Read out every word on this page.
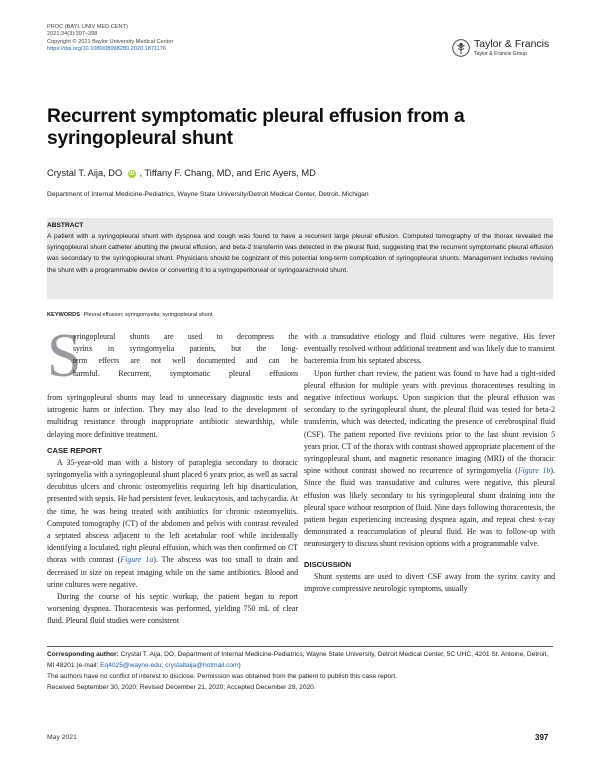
PROC (BAYL UNIV MED CENT)
2021;34(3):397–398
Copyright © 2021 Baylor University Medical Center
https://doi.org/10.1080/08998280.2020.1871176	Taylor & Francis
Taylor & Francis Group
Recurrent symptomatic pleural effusion from a syringopleural shunt
Crystal T. Aija, DO iD , Tiffany F. Chang, MD, and Eric Ayers, MD
Department of Internal Medicine-Pediatrics, Wayne State University/Detroit Medical Center, Detroit, Michigan
ABSTRACT
A patient with a syringopleural shunt with dyspnea and cough was found to have a recurrent large pleural effusion. Computed tomography of the thorax revealed the syringopleural shunt catheter abutting the pleural effusion, and beta-2 transferrin was detected in the pleural fluid, suggesting that the recurrent symptomatic pleural effusion was secondary to the syringopleural shunt. Physicians should be cognizant of this potential long-term complication of syringopleural shunts. Management includes revising the shunt with a programmable device or converting it to a syringoperitoneal or syringoarachnoid shunt.
KEYWORDS Pleural effusion; syringomyelia; syringopleural shunt

S
yringopleural shunts are used to decompress the
syrinx in syringomyelia patients, but the long-
term effects are not well documented and can be
harmful. Recurrent, symptomatic pleural effusions

from syringopleural shunts may lead to unnecessary diagnostic tests and iatrogenic harm or infection. They may also lead to the development of multidrug resistance through inappropriate antibiotic stewardship, while delaying more definitive treatment.

CASE REPORT

A 35-year-old man with a history of paraplegia secondary to thoracic syringomyelia with a syringopleural shunt placed 6 years prior, as well as sacral decubitus ulcers and chronic osteomyelitis requiring left hip disarticulation, presented with sepsis. He had persistent fever, leukocytosis, and tachycardia. At the time, he was being treated with antibiotics for chronic osteomyelitis. Computed tomography (CT) of the abdomen and pelvis with contrast revealed a septated abscess adjacent to the left acetabular roof while incidentally identifying a loculated, right pleural effusion, which was then confirmed on CT thorax with contrast (Figure 1a). The abscess was too small to drain and decreased in size on repeat imaging while on the same antibiotics. Blood and urine cultures were negative.

During the course of his septic workup, the patient began to report worsening dyspnea. Thoracentesis was performed, yielding 750 mL of clear fluid. Pleural fluid studies were consistent

with a transudative etiology and fluid cultures were negative. His fever eventually resolved without additional treatment and was likely due to transient bacteremia from his septated abscess.

Upon further chart review, the patient was found to have had a right-sided pleural effusion for multiple years with previous thoracenteses resulting in negative infectious workups. Upon suspicion that the pleural effusion was secondary to the syringopleural shunt, the pleural fluid was tested for beta-2 transferrin, which was detected, indicating the presence of cerebrospinal fluid (CSF). The patient reported five revisions prior to the last shunt revision 5 years prior. CT of the thorax with contrast showed appropriate placement of the syringopleural shunt, and magnetic resonance imaging (MRI) of the thoracic spine without contrast showed no recurrence of syringomyelia (Figure 1b). Since the fluid was transudative and cultures were negative, this pleural effusion was likely secondary to his syringopleural shunt draining into the pleural space without resorption of fluid. Nine days following thoracentesis, the patient began experiencing increasing dyspnea again, and repeat chest x-ray demonstrated a reaccumulation of pleural fluid. He was to follow-up with neurosurgery to discuss shunt revision options with a programmable valve.

DISCUSSION

Shunt systems are used to divert CSF away from the syrinx cavity and improve compressive neurologic symptoms, usually

Corresponding author: Crystal T. Aija, DO, Department of Internal Medicine-Pediatrics, Wayne State University, Detroit Medical Center, 5C UHC, 4201 St. Antoine, Detroit, MI 48201 (e-mail: Eq4025@wayne.edu; crystaltaija@hotmail.com)
The authors have no conflict of interest to disclose. Permission was obtained from the patient to publish this case report.
Received September 30, 2020; Revised December 21, 2020; Accepted December 28, 2020.
May 2021	397
